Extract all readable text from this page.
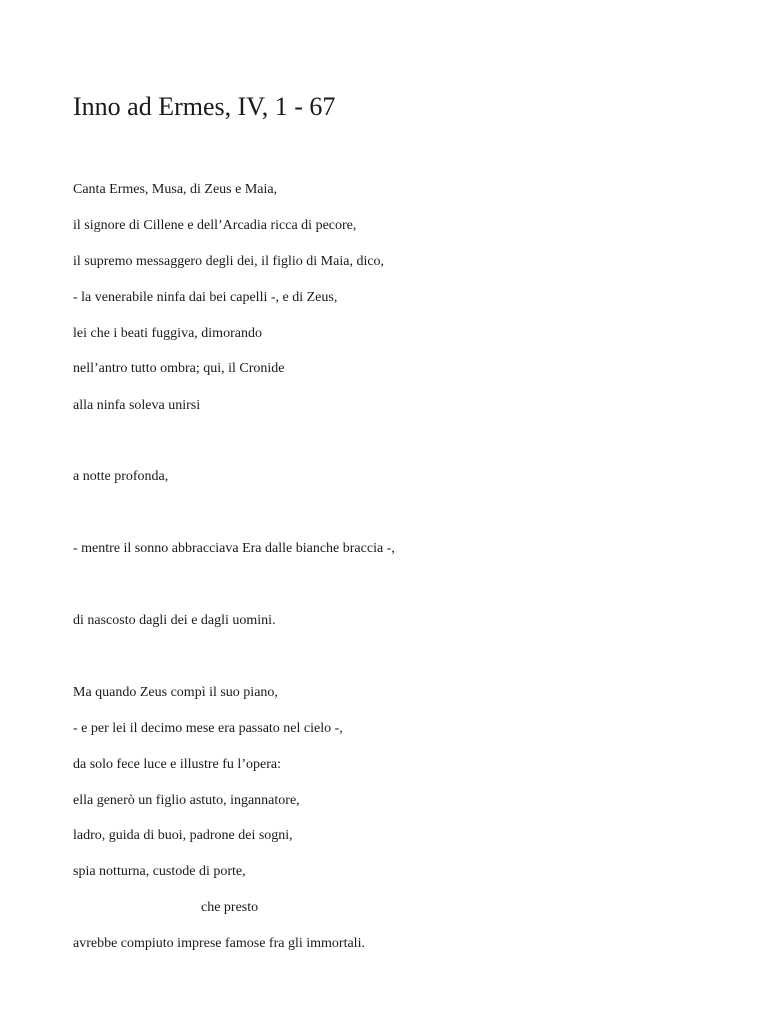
Inno ad Ermes, IV, 1 - 67
Canta Ermes, Musa, di Zeus e Maia,
il signore di Cillene e dell’Arcadia ricca di pecore,
il supremo messaggero degli dei, il figlio di Maia, dico,
- la venerabile ninfa dai bei capelli -, e di Zeus,
lei che i beati fuggiva, dimorando
nell’antro tutto ombra; qui, il Cronide
alla ninfa soleva unirsi
a notte profonda,
- mentre il sonno abbracciava Era dalle bianche braccia -,
di nascosto dagli dei e dagli uomini.
Ma quando Zeus compì il suo piano,
- e per lei il decimo mese era passato nel cielo -,
da solo fece luce e illustre fu l’opera:
ella generò un figlio astuto, ingannatore,
ladro, guida di buoi, padrone dei sogni,
spia notturna, custode di porte,
che presto
avrebbe compiuto imprese famose fra gli immortali.
